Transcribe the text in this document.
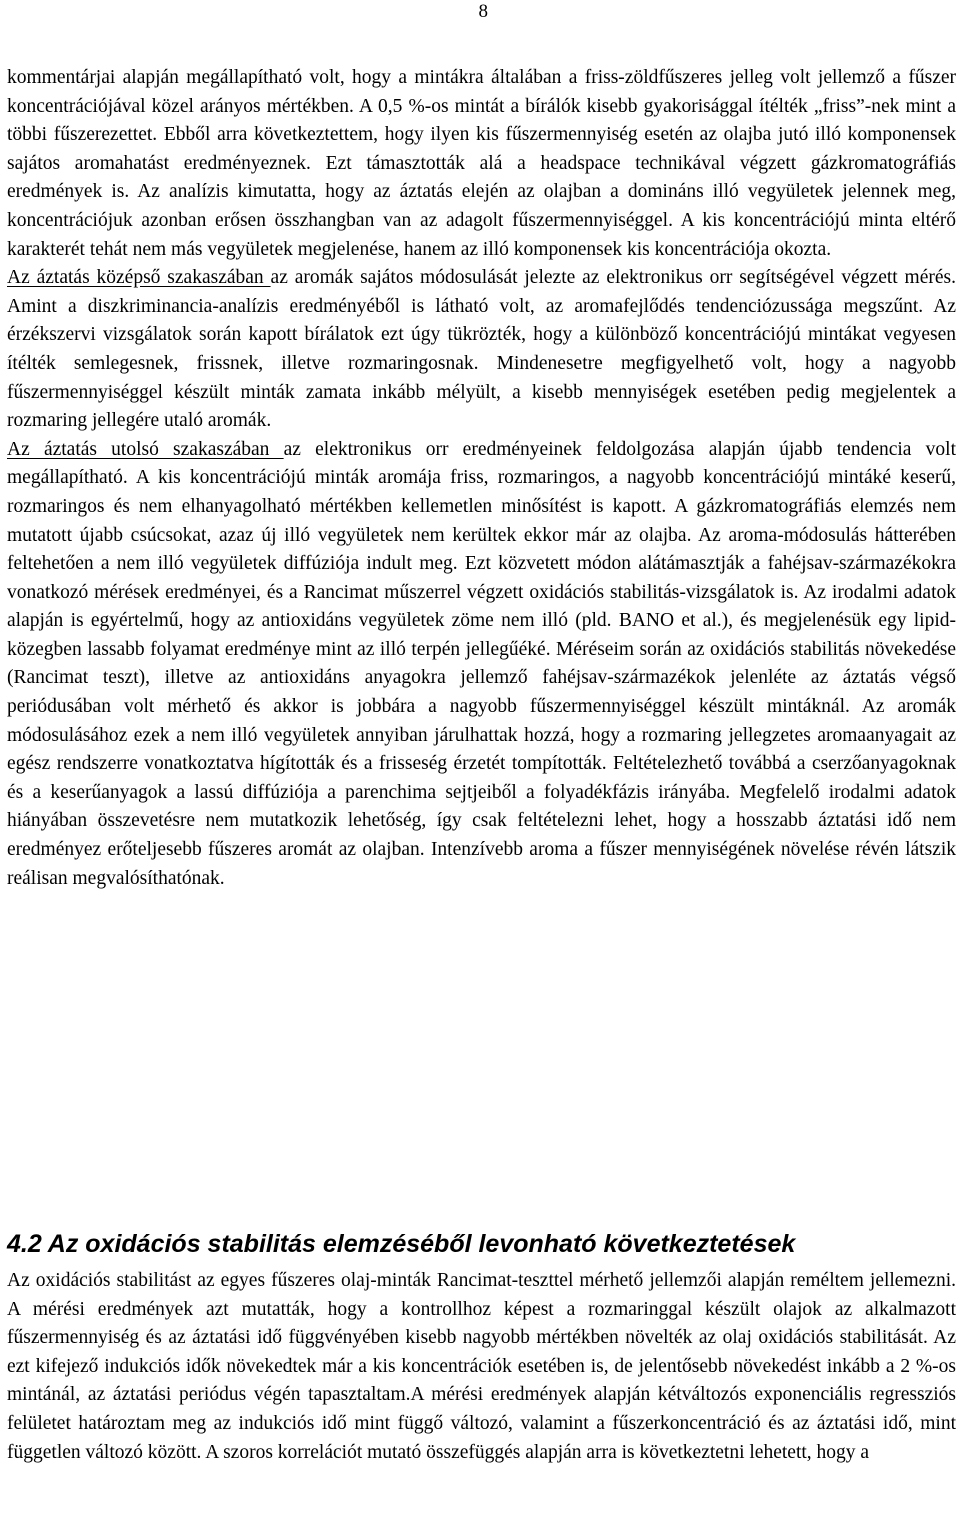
8

kommentárjai alapján megállapítható volt, hogy a mintákra általában a friss-zöldfűszeres jelleg volt jellemző a fűszer koncentrációjával közel arányos mértékben. A 0,5 %-os mintát a bírálók kisebb gyakorisággal ítélték „friss”-nek mint a többi fűszerezettet. Ebből arra következtettem, hogy ilyen kis fűszermennyiség esetén az olajba jutó illó komponensek sajátos aromahatást eredményeznek. Ezt támasztották alá a headspace technikával végzett gázkromatográfiás eredmények is. Az analízis kimutatta, hogy az áztatás elején az olajban a domináns illó vegyületek jelennek meg, koncentrációjuk azonban erősen összhangban van az adagolt fűszermennyiséggel. A kis koncentrációjú minta eltérő karakterét tehát nem más vegyületek megjelenése, hanem az illó komponensek kis koncentrációja okozta.

Az áztatás középső szakaszában az aromák sajátos módosulását jelezte az elektronikus orr segítségével végzett mérés. Amint a diszkriminancia-analízis eredményéből is látható volt, az aromafejlődés tendenciózussága megszűnt. Az érzékszervi vizsgálatok során kapott bírálatok ezt úgy tükrözték, hogy a különböző koncentrációjú mintákat vegyesen ítélték semlegesnek, frissnek, illetve rozmaringosnak. Mindenesetre megfigyelhető volt, hogy a nagyobb fűszermennyiséggel készült minták zamata inkább mélyült, a kisebb mennyiségek esetében pedig megjelentek a rozmaring jellegére utaló aromák.

Az áztatás utolsó szakaszában az elektronikus orr eredményeinek feldolgozása alapján újabb tendencia volt megállapítható. A kis koncentrációjú minták aromája friss, rozmaringos, a nagyobb koncentrációjú mintáké keserű, rozmaringos és nem elhanyagolható mértékben kellemetlen minősítést is kapott. A gázkromatográfiás elemzés nem mutatott újabb csúcsokat, azaz új illó vegyületek nem kerültek ekkor már az olajba. Az aroma-módosulás hátterében feltehetően a nem illó vegyületek diffúziója indult meg. Ezt közvetett módon alátámasztják a fahéjsav-származékokra vonatkozó mérések eredményei, és a Rancimat műszerrel végzett oxidációs stabilitás-vizsgálatok is. Az irodalmi adatok alapján is egyértelmű, hogy az antioxidáns vegyületek zöme nem illó (pld. BANO et al.), és megjelenésük egy lipid-közegben lassabb folyamat eredménye mint az illó terpén jellegűéké. Méréseim során az oxidációs stabilitás növekedése (Rancimat teszt), illetve az antioxidáns anyagokra jellemző fahéjsav-származékok jelenléte az áztatás végső periódusában volt mérhető és akkor is jobbára a nagyobb fűszermennyiséggel készült mintáknál. Az aromák módosulásához ezek a nem illó vegyületek annyiban járulhattak hozzá, hogy a rozmaring jellegzetes aromaanyagait az egész rendszerre vonatkoztatva hígították és a frisseség érzetét tompították. Feltételezhető továbbá a cserzőanyagoknak és a keserűanyagok a lassú diffúziója a parenchima sejtjeiből a folyadékfázis irányába. Megfelelő irodalmi adatok hiányában összevetésre nem mutatkozik lehetőség, így csak feltételezni lehet, hogy a hosszabb áztatási idő nem eredményez erőteljesebb fűszeres aromát az olajban. Intenzívebb aroma a fűszer mennyiségének növelése révén látszik reálisan megvalósíthatónak.

4.2 Az oxidációs stabilitás elemzéséből levonható következtetések

Az oxidációs stabilitást az egyes fűszeres olaj-minták Rancimat-teszttel mérhető jellemzői alapján reméltem jellemezni. A mérési eredmények azt mutatták, hogy a kontrollhoz képest a rozmaringgal készült olajok az alkalmazott fűszermennyiség és az áztatási idő függvényében kisebb nagyobb mértékben növelték az olaj oxidációs stabilitását. Az ezt kifejező indukciós idők növekedtek már a kis koncentrációk esetében is, de jelentősebb növekedést inkább a 2 %-os mintánál, az áztatási periódus végén tapasztaltam.A mérési eredmények alapján kétváltozós exponenciális regressziós felületet határoztam meg az indukciós idő mint függő változó, valamint a fűszerkoncentráció és az áztatási idő, mint független változó között. A szoros korrelációt mutató összefüggés alapján arra is következtetni lehetett, hogy a
